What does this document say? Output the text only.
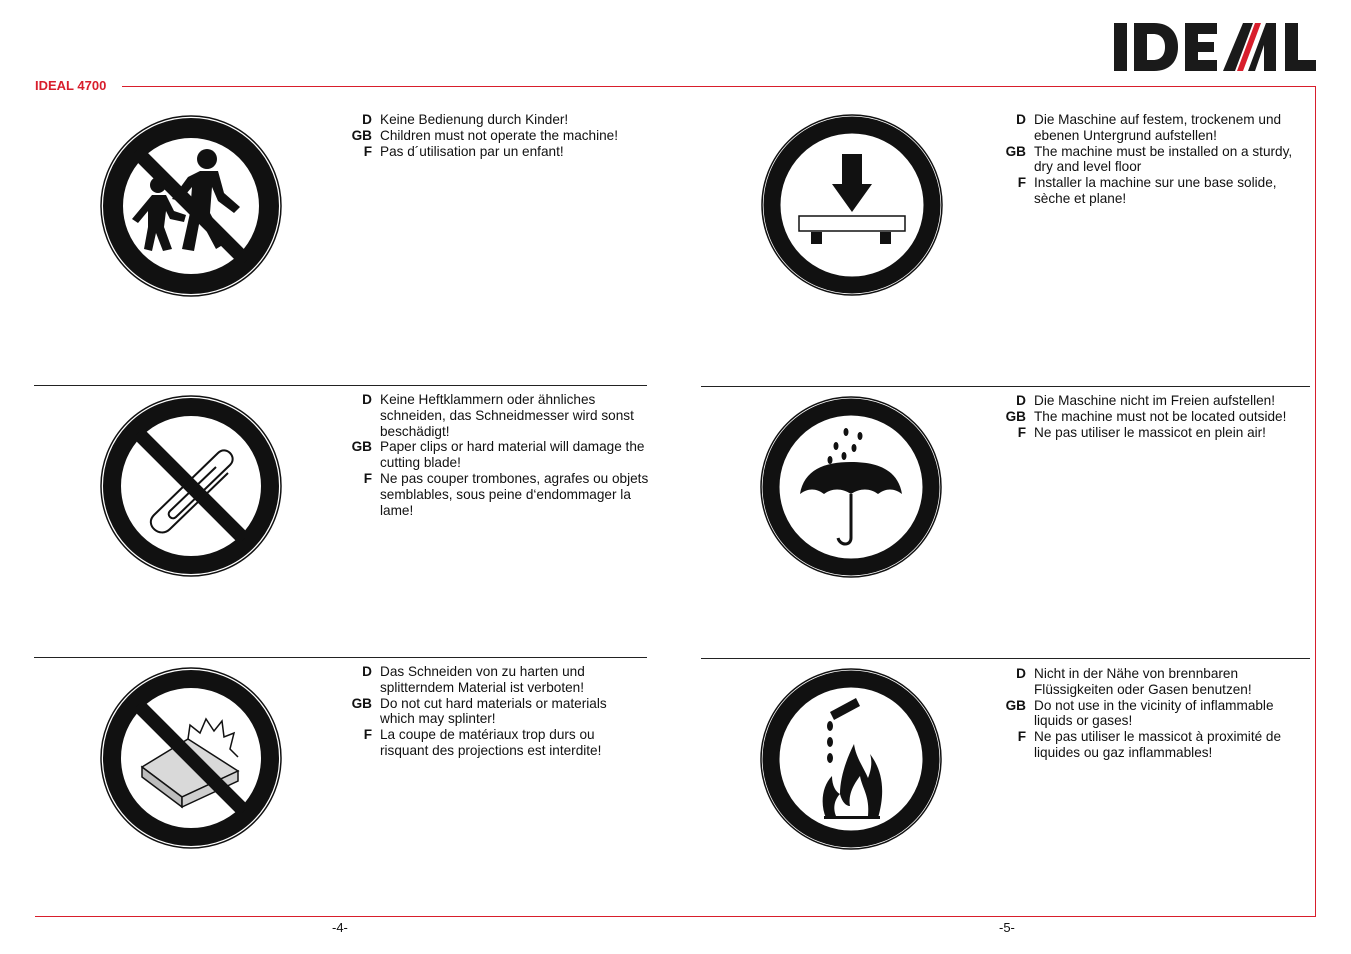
IDEAL 4700
D Keine Bedienung durch Kinder!
GB Children must not operate the machine!
F Pas d´utilisation par un enfant!
D Die Maschine auf festem, trockenem und ebenen Untergrund aufstellen!
GB The machine must be installed on a sturdy, dry and level floor
F Installer la machine sur une base solide, sèche et plane!
D Keine Heftklammern oder ähnliches schneiden, das Schneidmesser wird sonst beschädigt!
GB Paper clips or hard material will damage the cutting blade!
F Ne pas couper trombones, agrafes ou objets semblables, sous peine d‘endommager la lame!
D Die Maschine nicht im Freien aufstellen!
GB The machine must not be located outside!
F Ne pas utiliser le massicot en plein air!
D Das Schneiden von zu harten und splitterndem Material ist verboten!
GB Do not cut hard materials or materials which may splinter!
F La coupe de matériaux trop durs ou risquant des projections est interdite!
D Nicht in der Nähe von brennbaren Flüssigkeiten oder Gasen benutzen!
GB Do not use in the vicinity of inflammable liquids or gases!
F Ne pas utiliser le massicot à proximité de liquides ou gaz inflammables!
-4-	-5-
